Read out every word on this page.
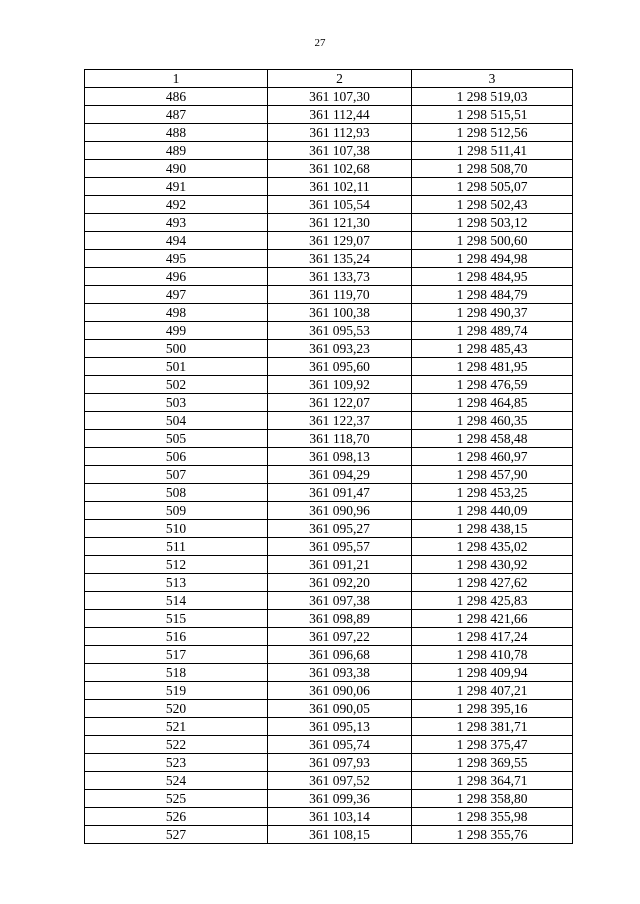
27
1	2	3
486	361 107,30	1 298 519,03
487	361 112,44	1 298 515,51
488	361 112,93	1 298 512,56
489	361 107,38	1 298 511,41
490	361 102,68	1 298 508,70
491	361 102,11	1 298 505,07
492	361 105,54	1 298 502,43
493	361 121,30	1 298 503,12
494	361 129,07	1 298 500,60
495	361 135,24	1 298 494,98
496	361 133,73	1 298 484,95
497	361 119,70	1 298 484,79
498	361 100,38	1 298 490,37
499	361 095,53	1 298 489,74
500	361 093,23	1 298 485,43
501	361 095,60	1 298 481,95
502	361 109,92	1 298 476,59
503	361 122,07	1 298 464,85
504	361 122,37	1 298 460,35
505	361 118,70	1 298 458,48
506	361 098,13	1 298 460,97
507	361 094,29	1 298 457,90
508	361 091,47	1 298 453,25
509	361 090,96	1 298 440,09
510	361 095,27	1 298 438,15
511	361 095,57	1 298 435,02
512	361 091,21	1 298 430,92
513	361 092,20	1 298 427,62
514	361 097,38	1 298 425,83
515	361 098,89	1 298 421,66
516	361 097,22	1 298 417,24
517	361 096,68	1 298 410,78
518	361 093,38	1 298 409,94
519	361 090,06	1 298 407,21
520	361 090,05	1 298 395,16
521	361 095,13	1 298 381,71
522	361 095,74	1 298 375,47
523	361 097,93	1 298 369,55
524	361 097,52	1 298 364,71
525	361 099,36	1 298 358,80
526	361 103,14	1 298 355,98
527	361 108,15	1 298 355,76
